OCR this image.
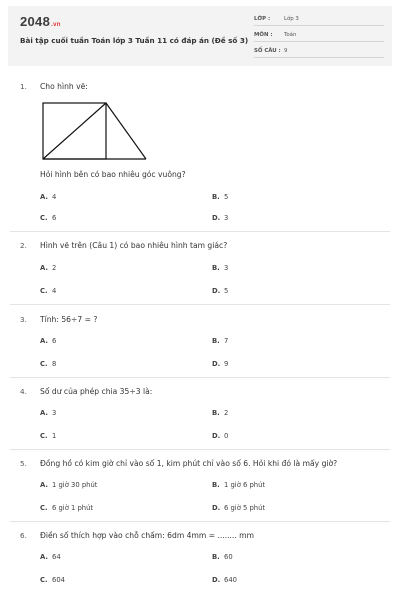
2048.vn
Bài tập cuối tuần Toán lớp 3 Tuần 11 có đáp án (Đề số 3)
LỚP :	Lớp 3
MÔN : Toán
SỐ CÂU : 9
1. Cho hình vẽ:
Hỏi hình bên có bao nhiêu góc vuông?
A. 4	B. 5
C. 6	D. 3
2. Hình vẽ trên (Câu 1) có bao nhiêu hình tam giác?
A. 2	B. 3
C. 4	D. 5
3. Tính: 56÷7 = ?
A. 6	B. 7
C. 8	D. 9
4. Số dư của phép chia 35÷3 là:
A. 3	B. 2
C. 1	D. 0
5. Đồng hồ có kim giờ chỉ vào số 1, kim phút chỉ vào số 6. Hỏi khi đó là mấy giờ?
A. 1 giờ 30 phút	B. 1 giờ 6 phút
C. 6 giờ 1 phút	D. 6 giờ 5 phút
6. Điền số thích hợp vào chỗ chấm: 6dm 4mm = ........ mm
A. 64	B. 60
C. 604	D. 640
